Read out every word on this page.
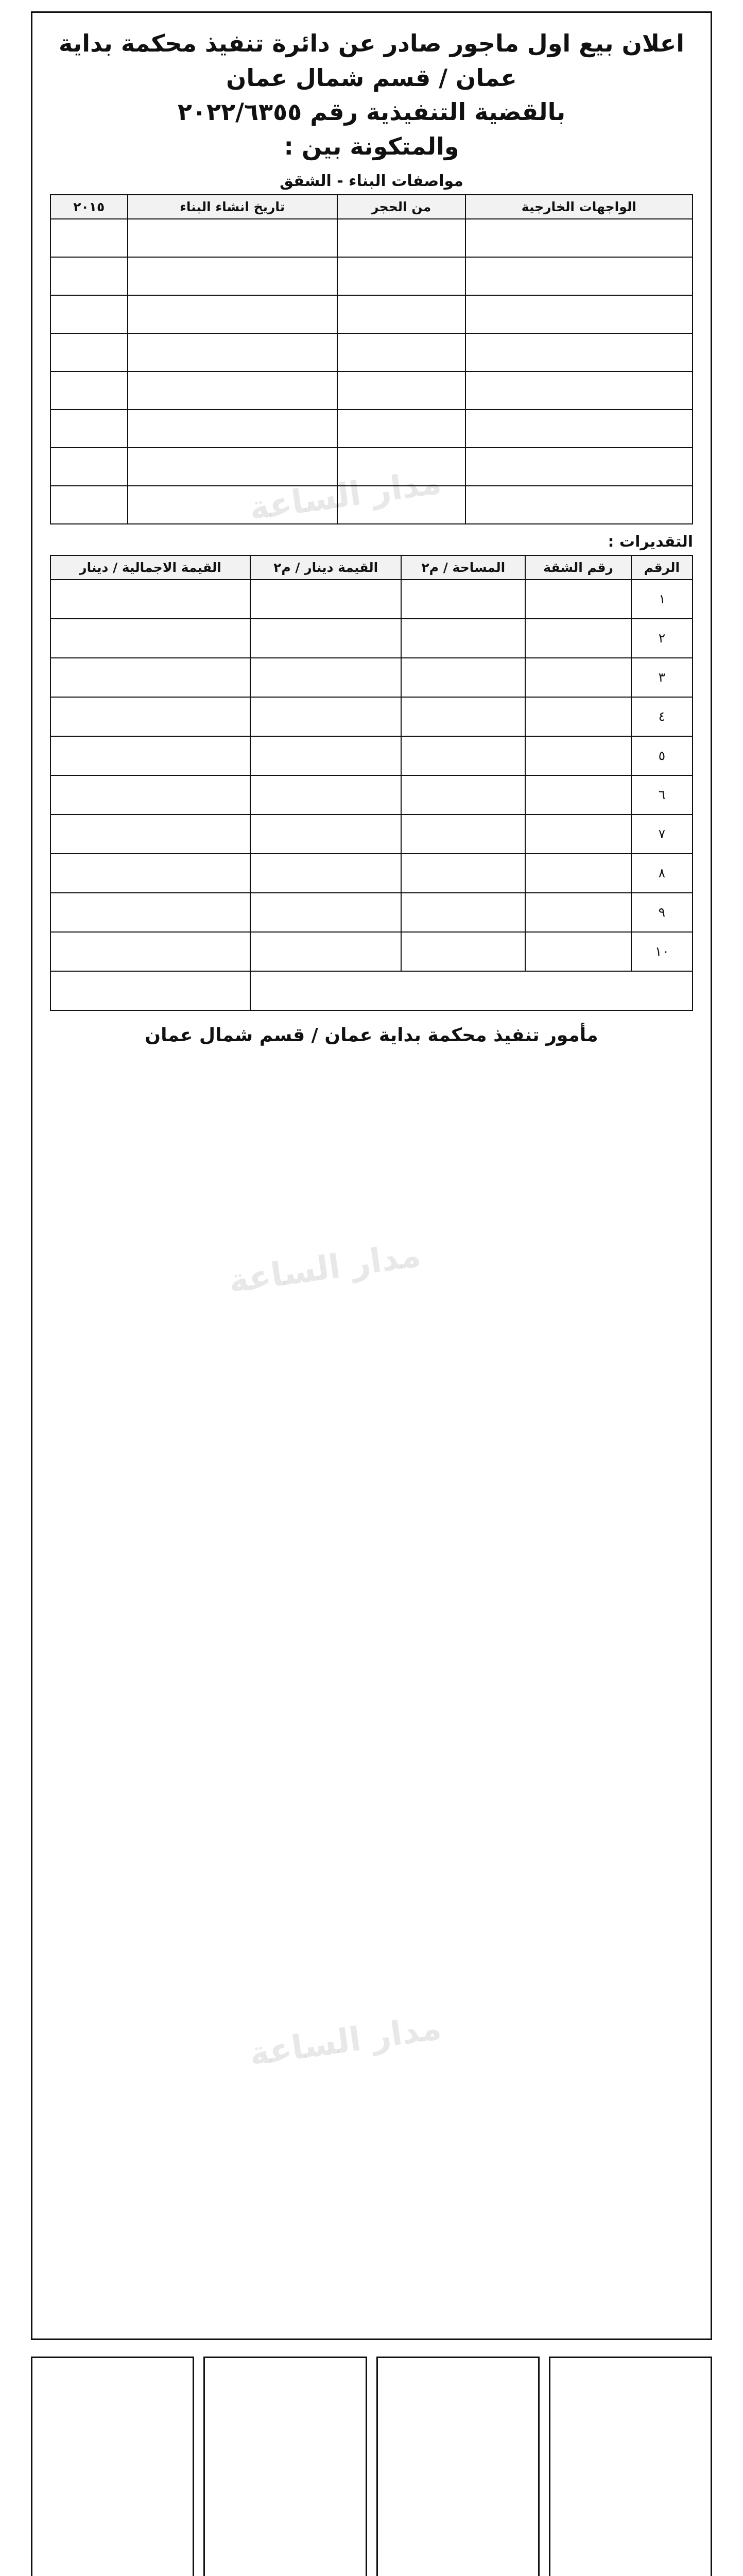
مدار الساعة
مدار الساعة
مدار الساعة

اعلان بيع اول ماجور صادر عن دائرة تنفيذ محكمة بداية عمان / قسم شمال عمان
بالقضية التنفيذية رقم ٢٠٢٢/٦٣٥٥
والمتكونة بين :

مواصفات البناء - الشقق
الواجهات الخارجية	من الحجر	تاريخ انشاء البناء	٢٠١٥

التقديرات :
الرقم	رقم الشقة	المساحة / م٢	القيمة دينار / م٢	القيمة الاجمالية / دينار
١				
٢				
٣				
٤				
٥				
٦				
٧				
٨				
٩				
١٠				

مأمور تنفيذ محكمة بداية عمان / قسم شمال عمان
